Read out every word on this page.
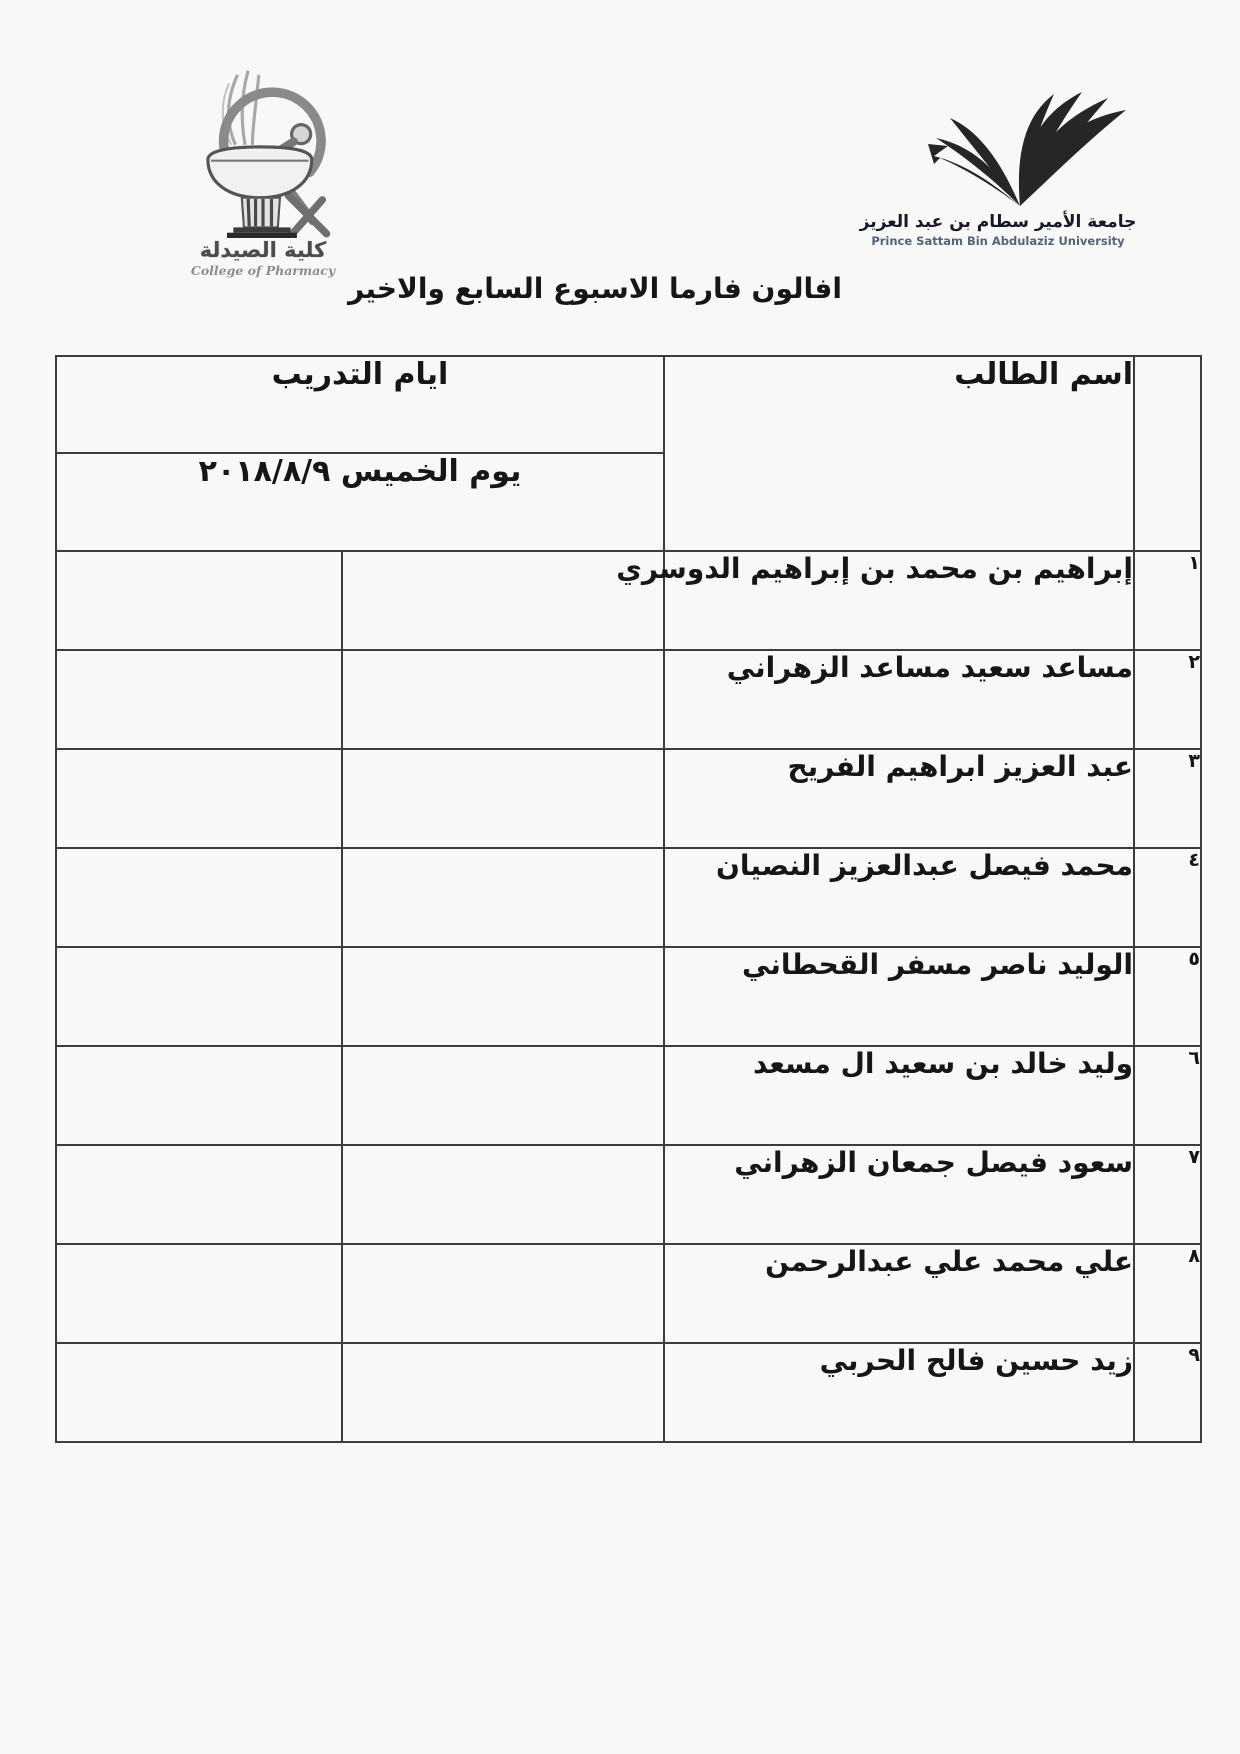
كلية الصيدلة
College of Pharmacy
جامعة الأمير سطام بن عبد العزيز
Prince Sattam Bin Abdulaziz University
افالون فارما الاسبوع السابع والاخير
	اسم الطالب	ايام التدريب	
		يوم الخميس ٢٠١٨/٨/٩	
١	إبراهيم بن محمد بن إبراهيم الدوسري		
٢	مساعد سعيد مساعد الزهراني		
٣	عبد العزيز ابراهيم الفريح		
٤	محمد فيصل عبدالعزيز النصيان		
٥	الوليد ناصر مسفر القحطاني		
٦	وليد خالد بن سعيد ال مسعد		
٧	سعود فيصل جمعان الزهراني		
٨	علي محمد علي عبدالرحمن		
٩	زيد حسين فالح الحربي		
